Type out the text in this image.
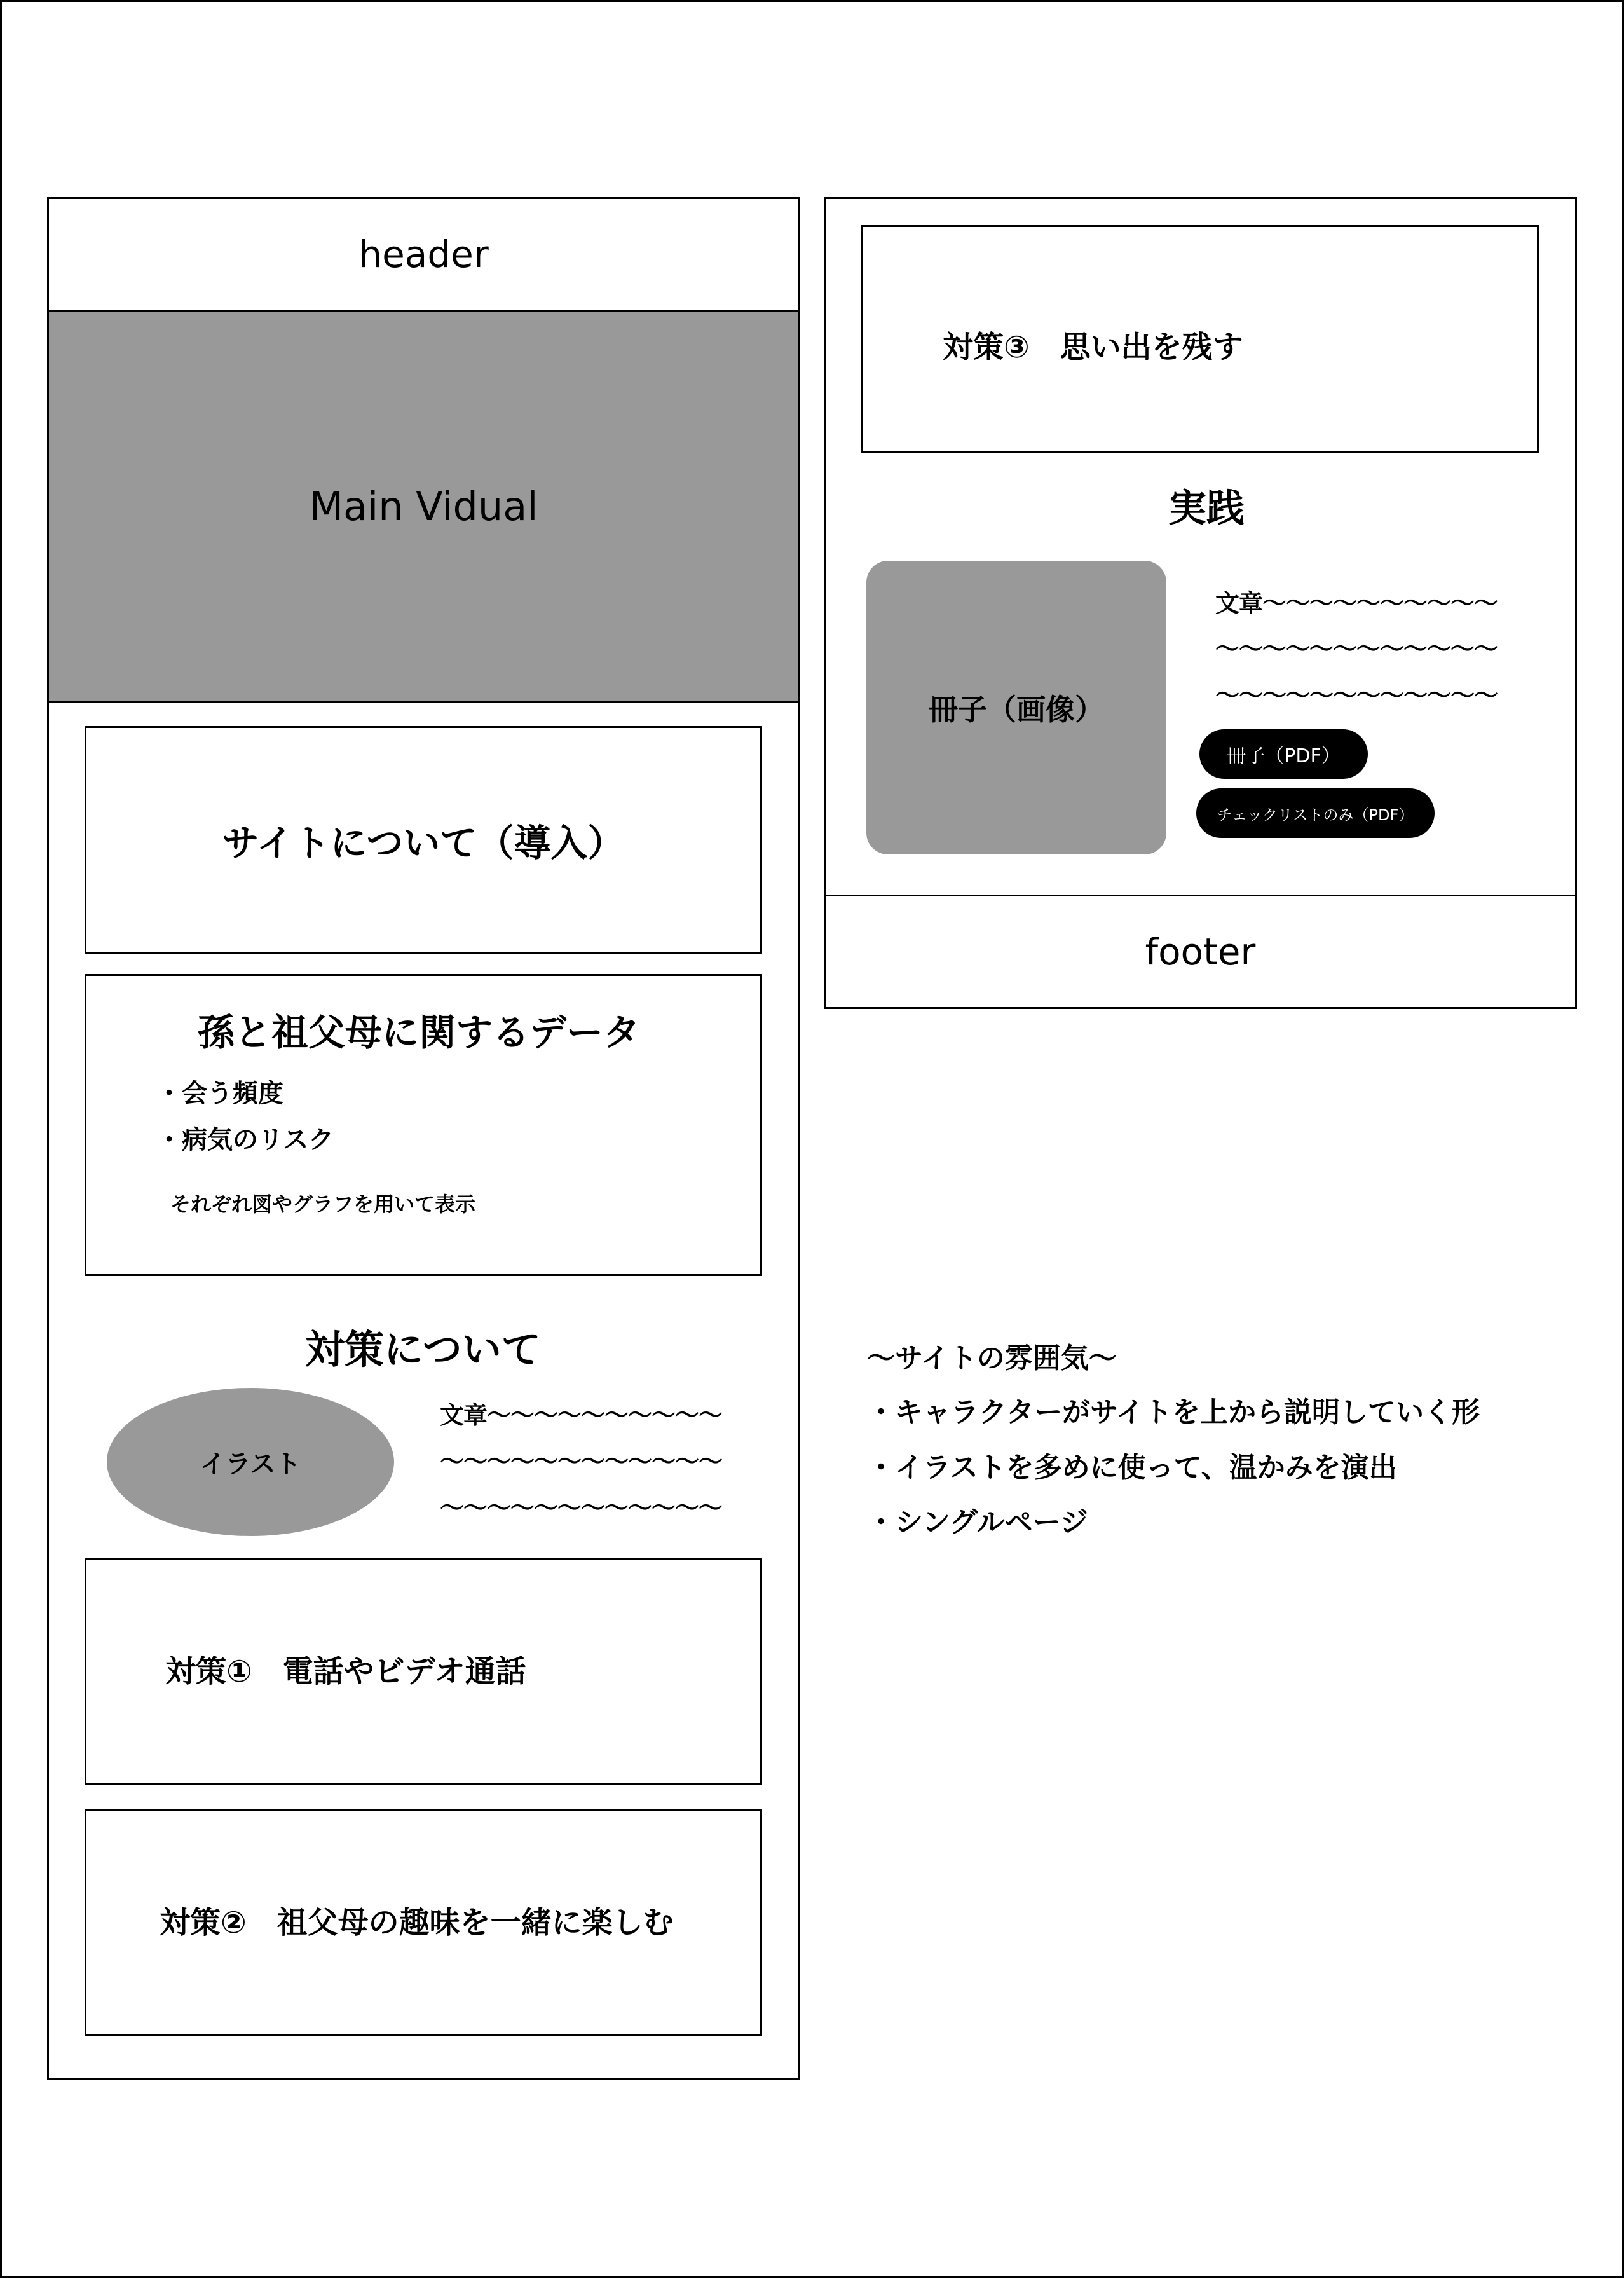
header
Main Vidual
サイトについて（導入）
孫と祖父母に関するデータ
・会う頻度
・病気のリスク
それぞれ図やグラフを用いて表示
対策について
イラスト
文章〜〜〜〜〜〜〜〜〜〜
〜〜〜〜〜〜〜〜〜〜〜〜
〜〜〜〜〜〜〜〜〜〜〜〜
対策①　電話やビデオ通話
対策②　祖父母の趣味を一緒に楽しむ
対策③　思い出を残す
実践
冊子（画像）
文章〜〜〜〜〜〜〜〜〜〜
〜〜〜〜〜〜〜〜〜〜〜〜
〜〜〜〜〜〜〜〜〜〜〜〜
冊子（PDF）
チェックリストのみ（PDF）
footer
〜サイトの雰囲気〜
・キャラクターがサイトを上から説明していく形
・イラストを多めに使って、温かみを演出
・シングルページ
